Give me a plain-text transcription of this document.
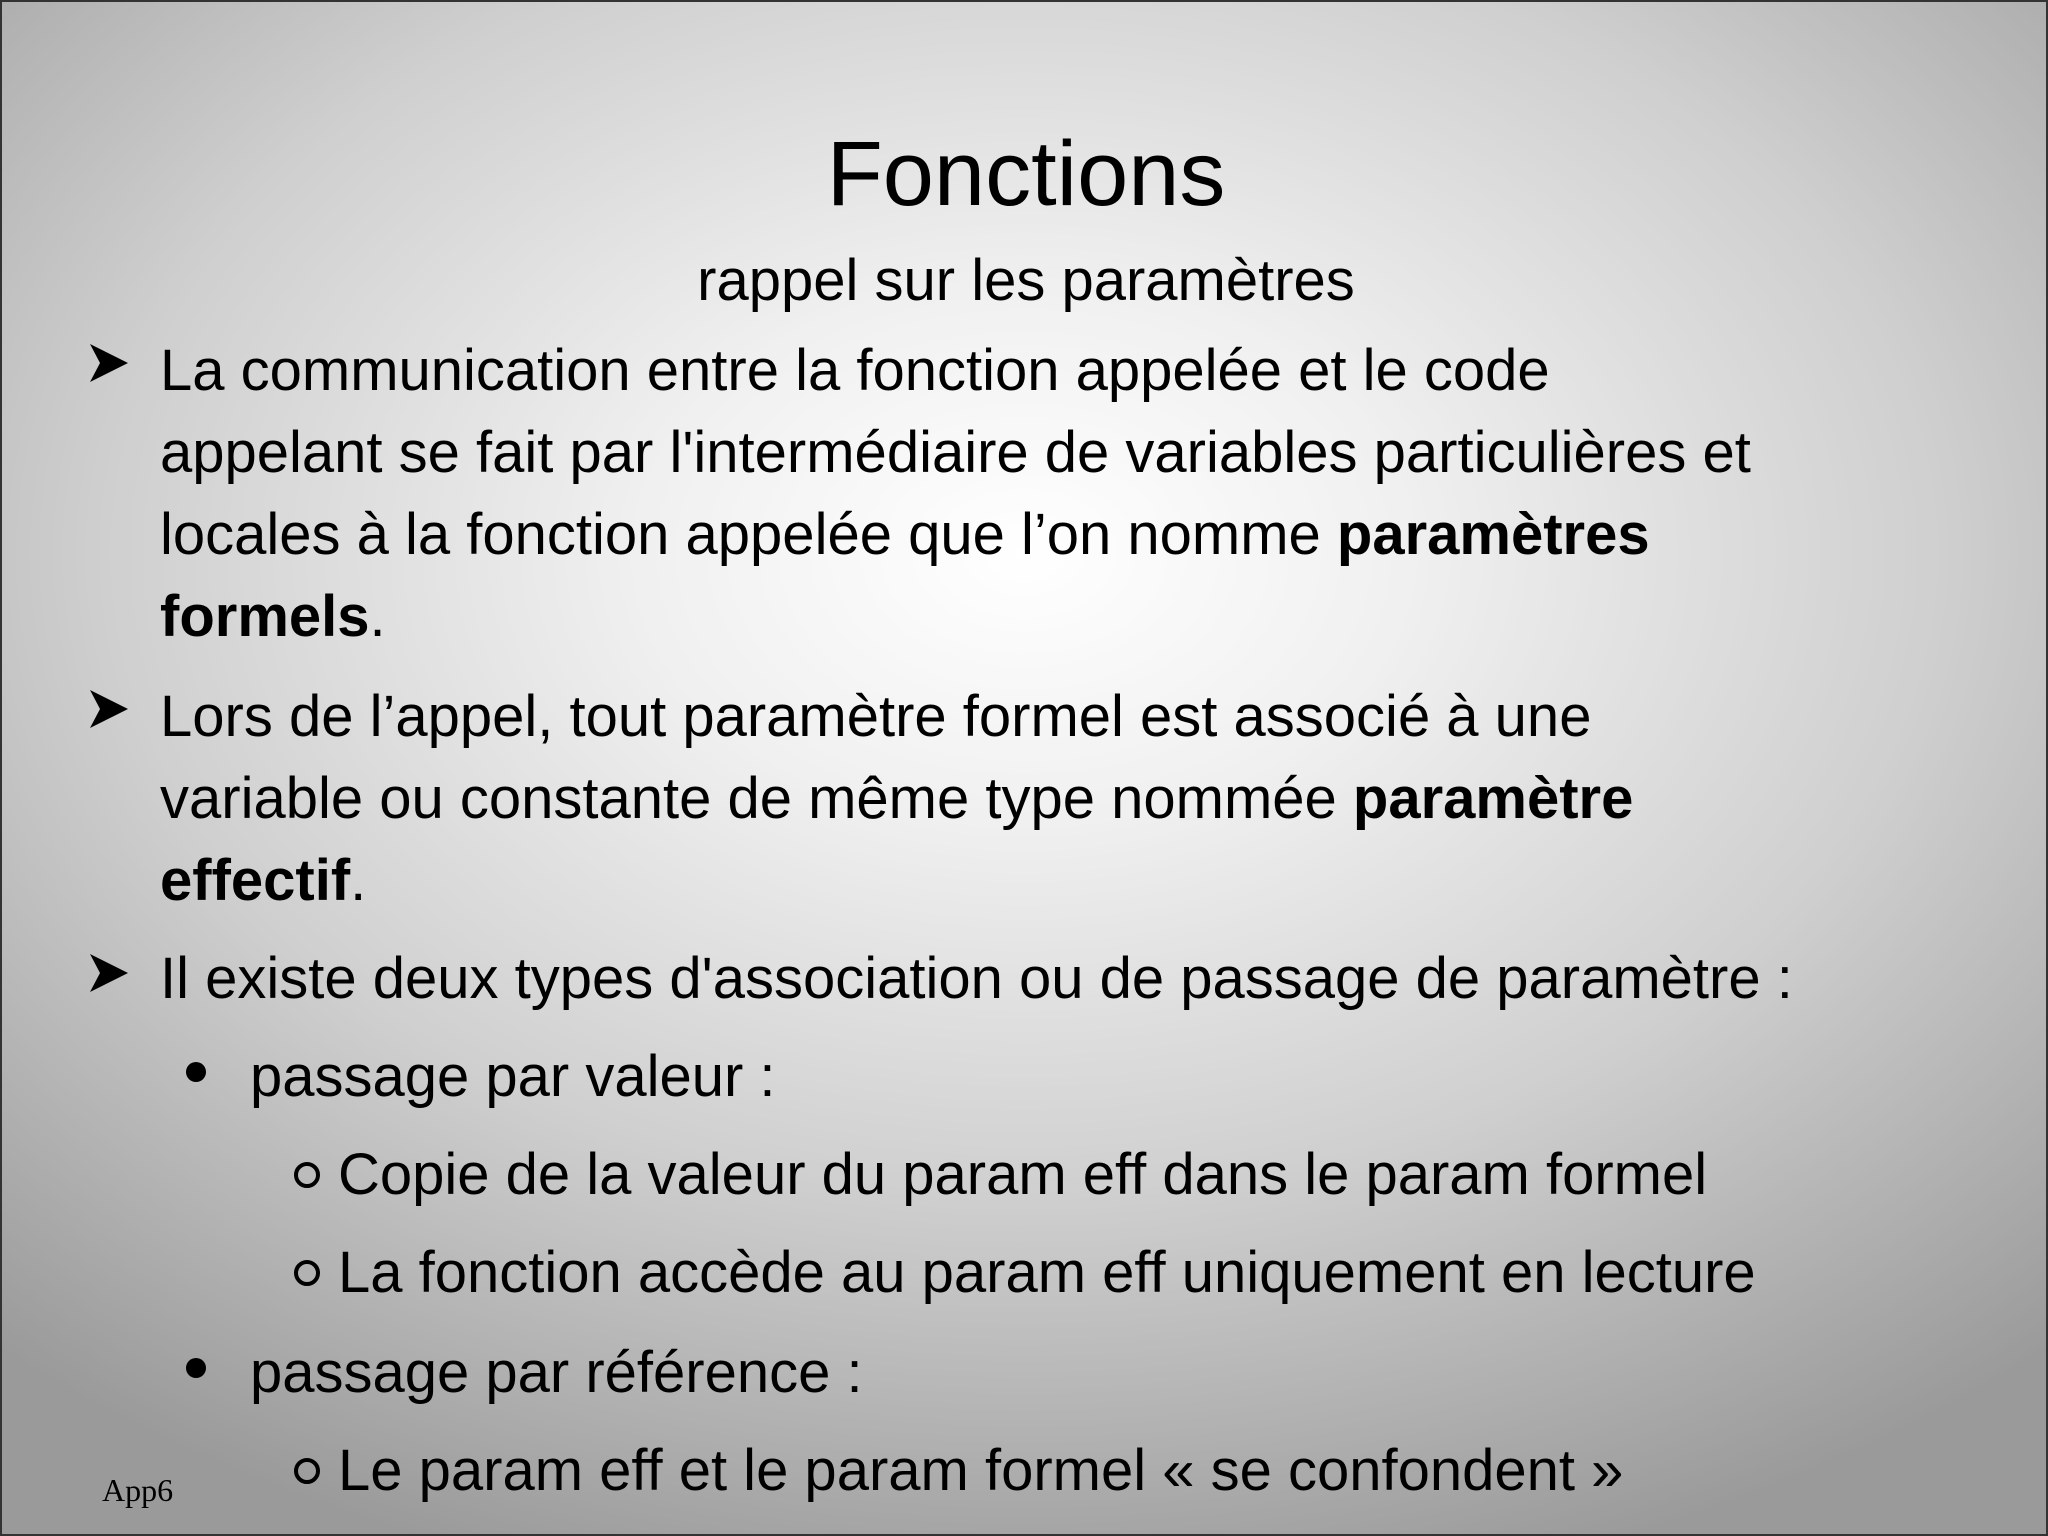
Fonctions
rappel sur les paramètres
La communication entre la fonction appelée et le code
appelant se fait par l'intermédiaire de variables particulières et
locales à la fonction appelée que l’on nomme paramètres
formels.
Lors de l’appel, tout paramètre formel est associé à une
variable ou constante de même type nommée paramètre
effectif.
Il existe deux types d'association ou de passage de paramètre :
passage par valeur :
Copie de la valeur du param eff dans le param formel
La fonction accède au param eff uniquement en lecture
passage par référence :
Le param eff et le param formel « se confondent »
App6
